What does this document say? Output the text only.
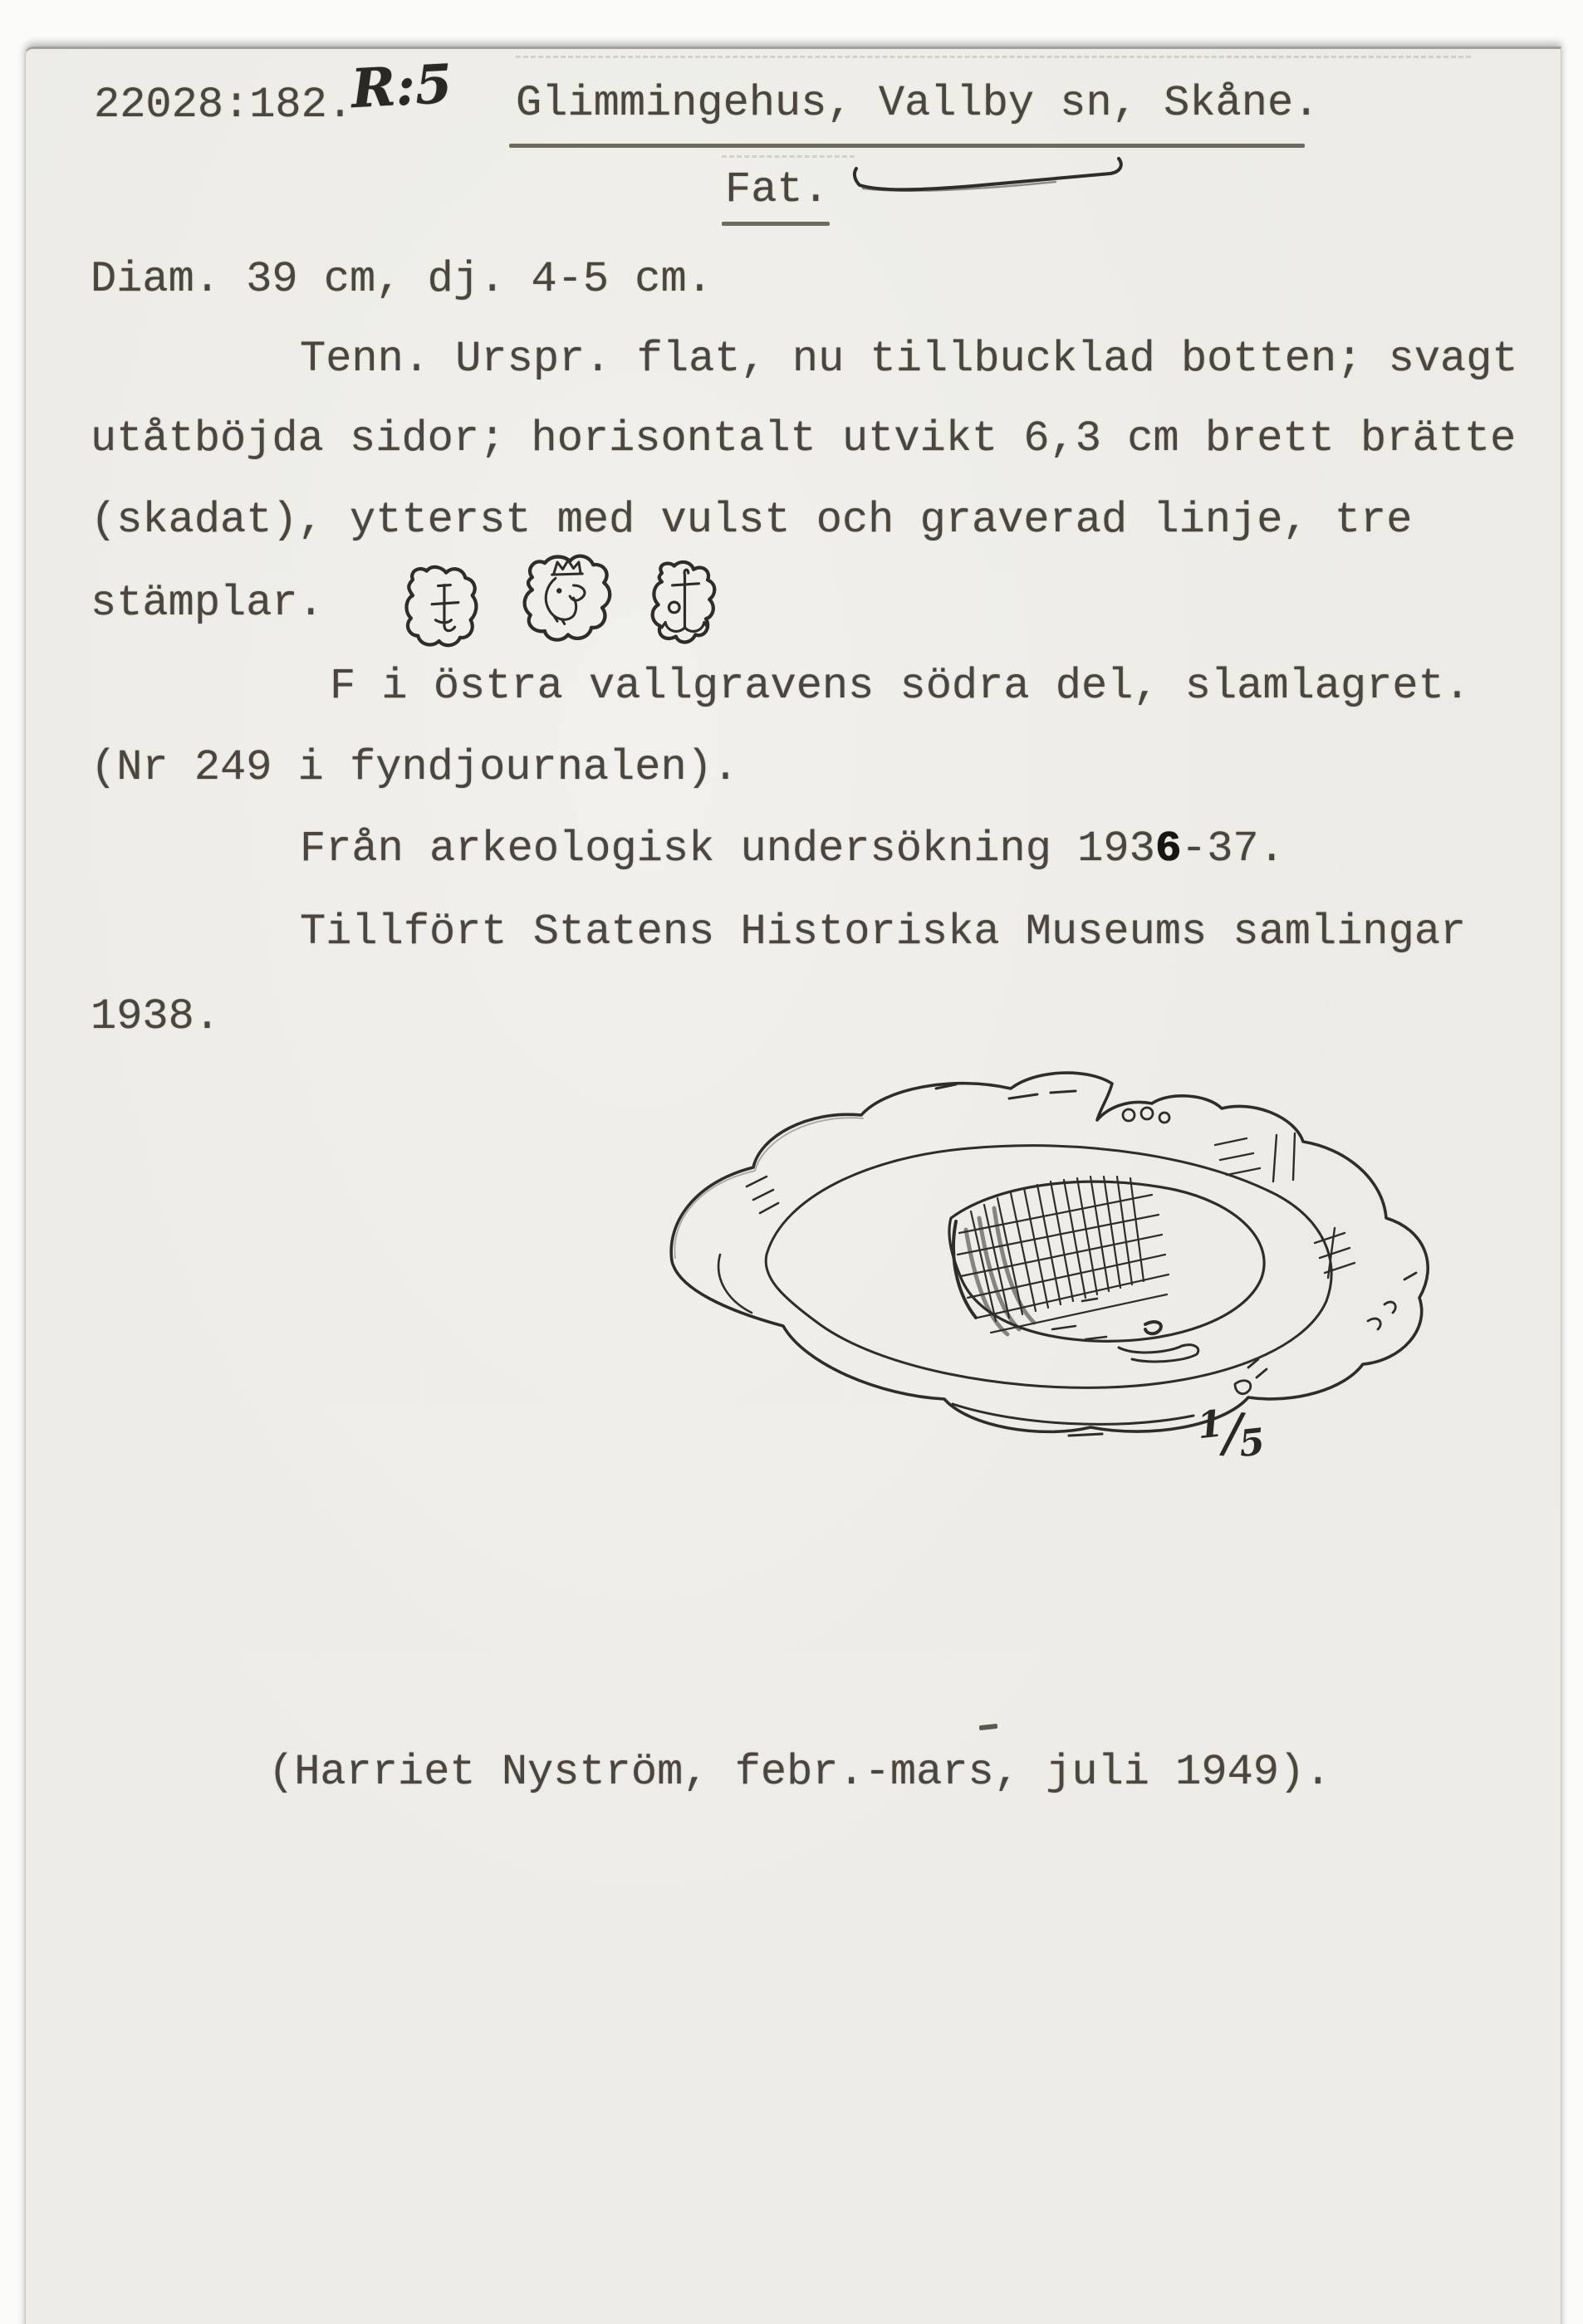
22028:182.
R:5 Glimmingehus, Vallby sn, Skåne.
Fat.
Diam. 39 cm, dj. 4-5 cm.
Tenn. Urspr. flat, nu tillbucklad botten; svagt
utåtböjda sidor; horisontalt utvikt 6,3 cm brett brätte
(skadat), ytterst med vulst och graverad linje, tre
stämplar.
F i östra vallgravens södra del, slamlagret.
(Nr 249 i fyndjournalen).
Från arkeologisk undersökning 1936-37.
Tillfört Statens Historiska Museums samlingar
1938.
1/5
(Harriet Nyström, febr.-mars, juli 1949).
